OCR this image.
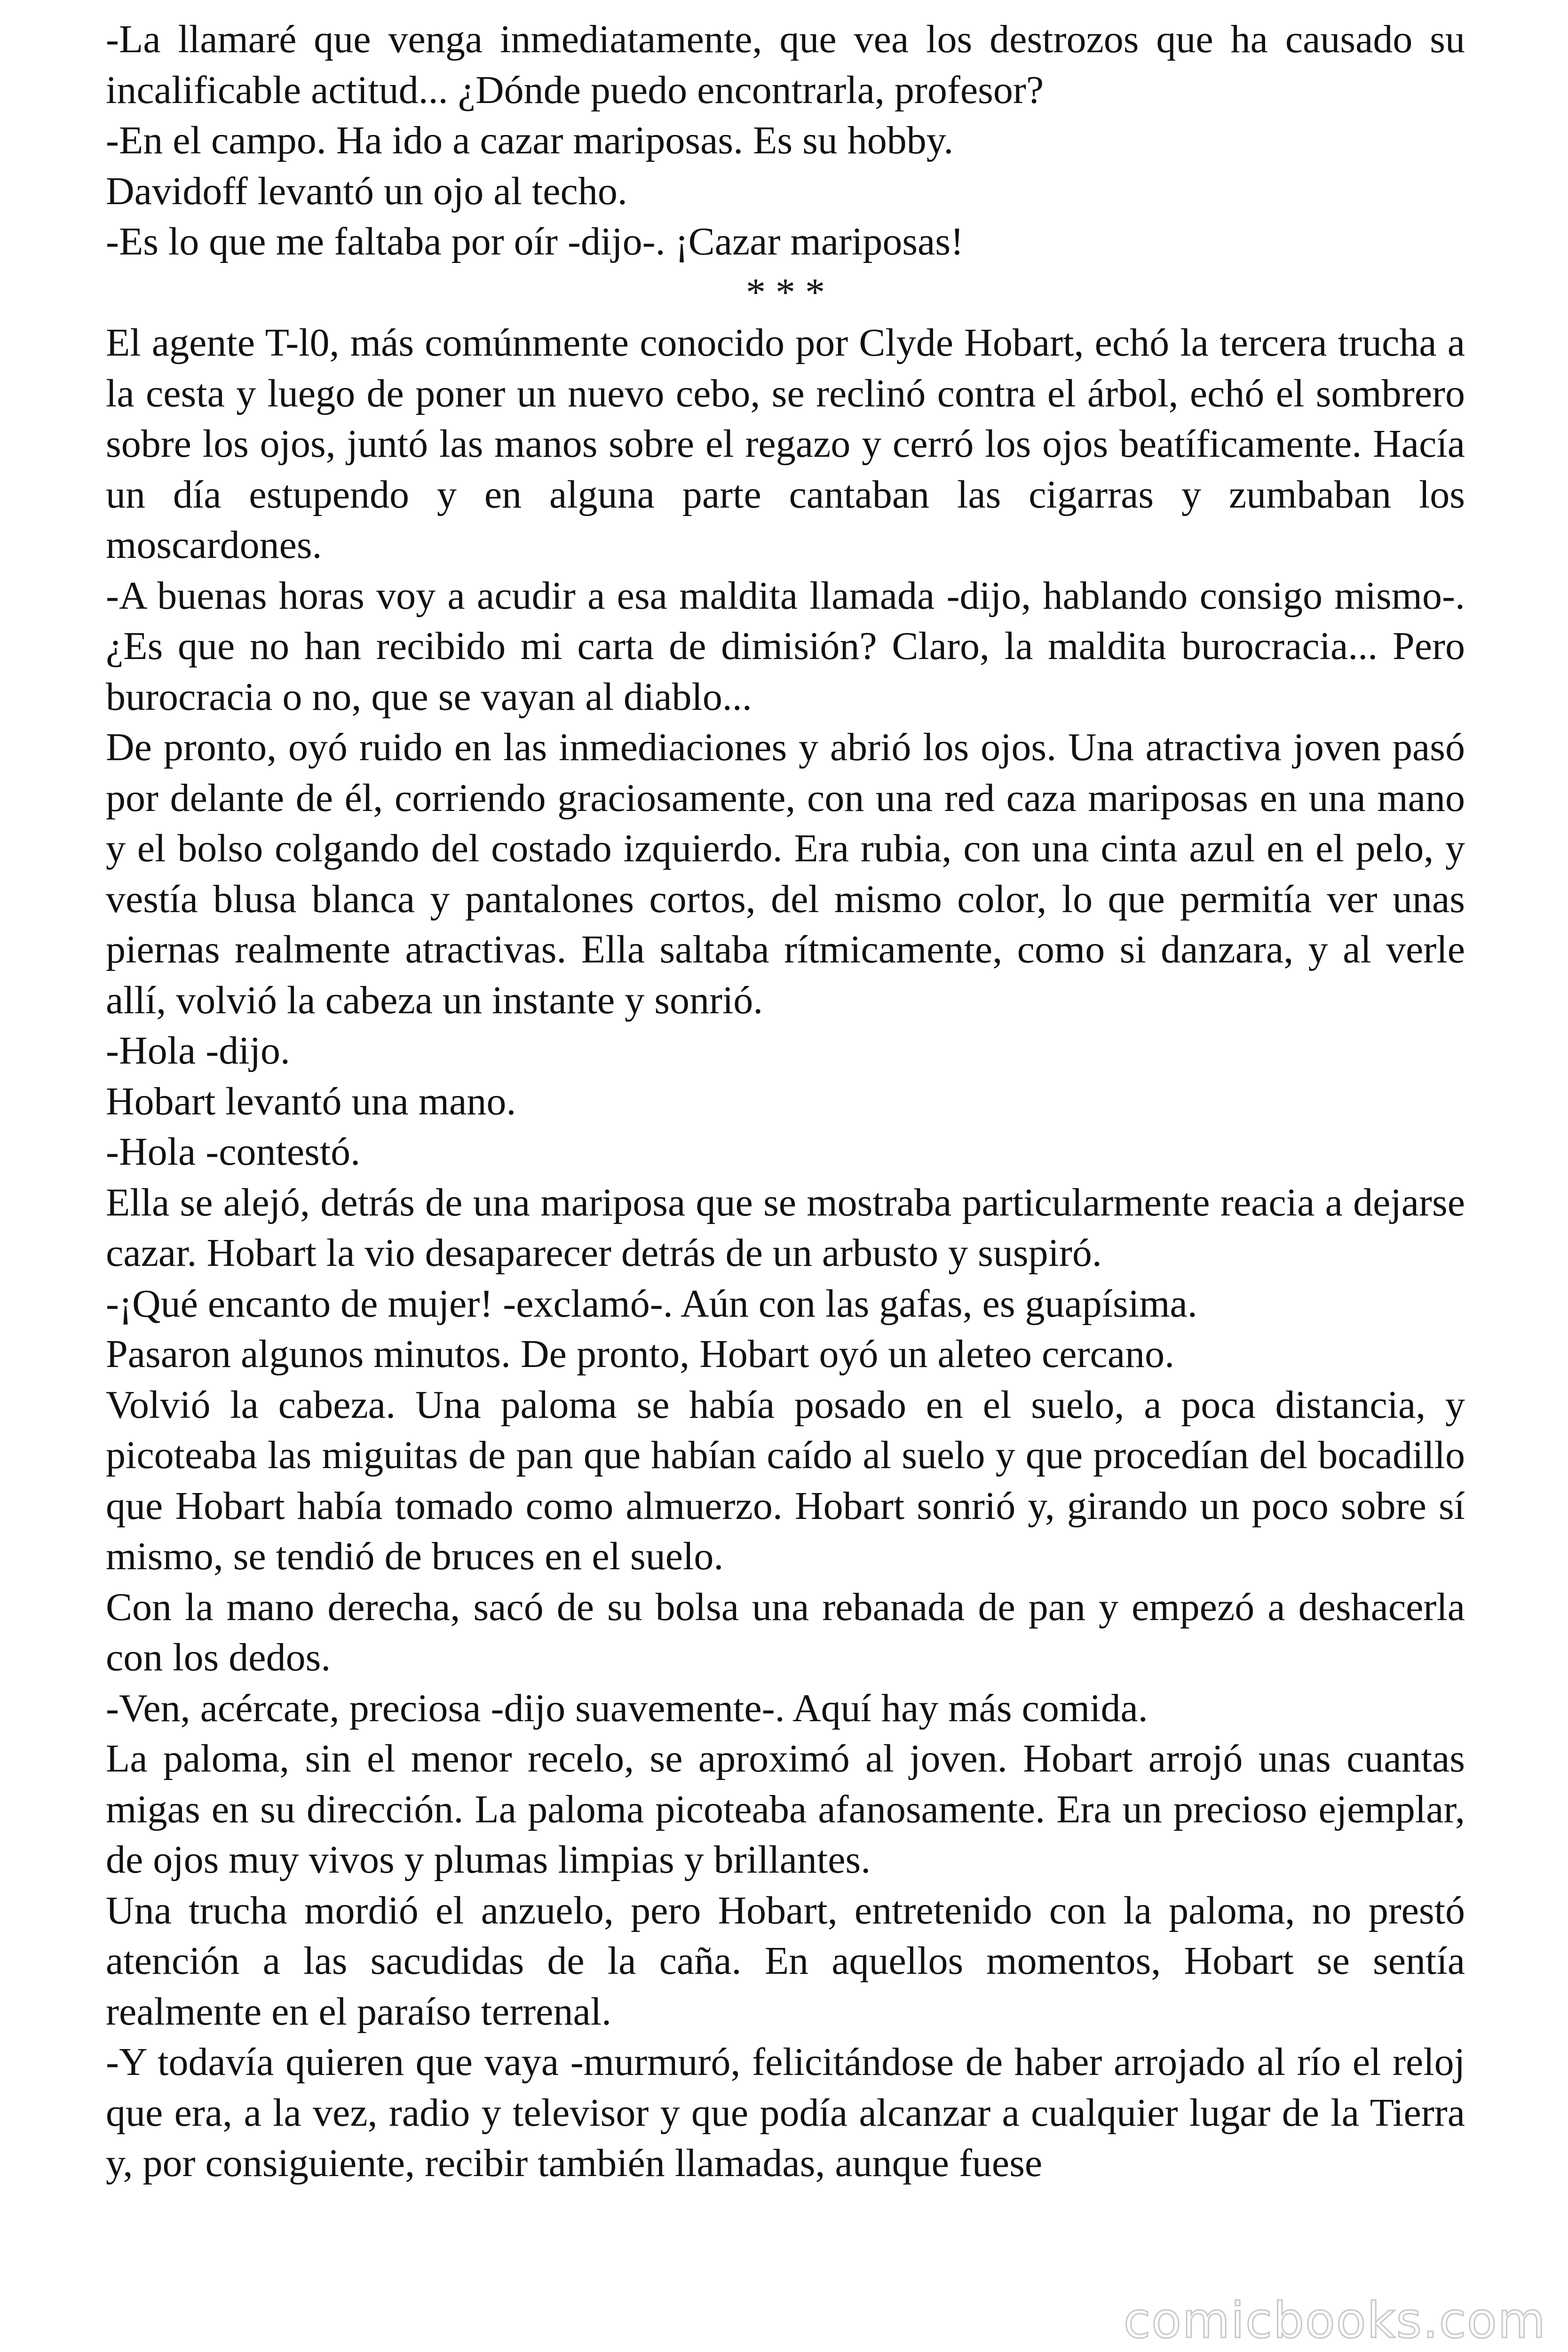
-La llamaré que venga inmediatamente, que vea los destrozos que ha causado su incalificable actitud... ¿Dónde puedo encontrarla, profesor?

-En el campo. Ha ido a cazar mariposas. Es su hobby.

Davidoff levantó un ojo al techo.

-Es lo que me faltaba por oír -dijo-. ¡Cazar mariposas!

* * *

El agente T-l0, más comúnmente conocido por Clyde Hobart, echó la tercera trucha a la cesta y luego de poner un nuevo cebo, se reclinó contra el árbol, echó el sombrero sobre los ojos, juntó las manos sobre el regazo y cerró los ojos beatíficamente. Hacía un día estupendo y en alguna parte cantaban las cigarras y zumbaban los moscardones.

-A buenas horas voy a acudir a esa maldita llamada -dijo, hablando consigo mismo-. ¿Es que no han recibido mi carta de dimisión? Claro, la maldita burocracia... Pero burocracia o no, que se vayan al diablo...

De pronto, oyó ruido en las inmediaciones y abrió los ojos. Una atractiva joven pasó por delante de él, corriendo graciosamente, con una red caza mariposas en una mano y el bolso colgando del costado izquierdo. Era rubia, con una cinta azul en el pelo, y vestía blusa blanca y pantalones cortos, del mismo color, lo que permitía ver unas piernas realmente atractivas. Ella saltaba rítmicamente, como si danzara, y al verle allí, volvió la cabeza un instante y sonrió.

-Hola -dijo.

Hobart levantó una mano.

-Hola -contestó.

Ella se alejó, detrás de una mariposa que se mostraba particularmente reacia a dejarse cazar. Hobart la vio desaparecer detrás de un arbusto y suspiró.

-¡Qué encanto de mujer! -exclamó-. Aún con las gafas, es guapísima.

Pasaron algunos minutos. De pronto, Hobart oyó un aleteo cercano.

Volvió la cabeza. Una paloma se había posado en el suelo, a poca distancia, y picoteaba las miguitas de pan que habían caído al suelo y que procedían del bocadillo que Hobart había tomado como almuerzo. Hobart sonrió y, girando un poco sobre sí mismo, se tendió de bruces en el suelo.

Con la mano derecha, sacó de su bolsa una rebanada de pan y empezó a deshacerla con los dedos.

-Ven, acércate, preciosa -dijo suavemente-. Aquí hay más comida.

La paloma, sin el menor recelo, se aproximó al joven. Hobart arrojó unas cuantas migas en su dirección. La paloma picoteaba afanosamente. Era un precioso ejemplar, de ojos muy vivos y plumas limpias y brillantes.

Una trucha mordió el anzuelo, pero Hobart, entretenido con la paloma, no prestó atención a las sacudidas de la caña. En aquellos momentos, Hobart se sentía realmente en el paraíso terrenal.

-Y todavía quieren que vaya -murmuró, felicitándose de haber arrojado al río el reloj que era, a la vez, radio y televisor y que podía alcanzar a cualquier lugar de la Tierra y, por consiguiente, recibir también llamadas, aunque fuese

comicbooks.com
